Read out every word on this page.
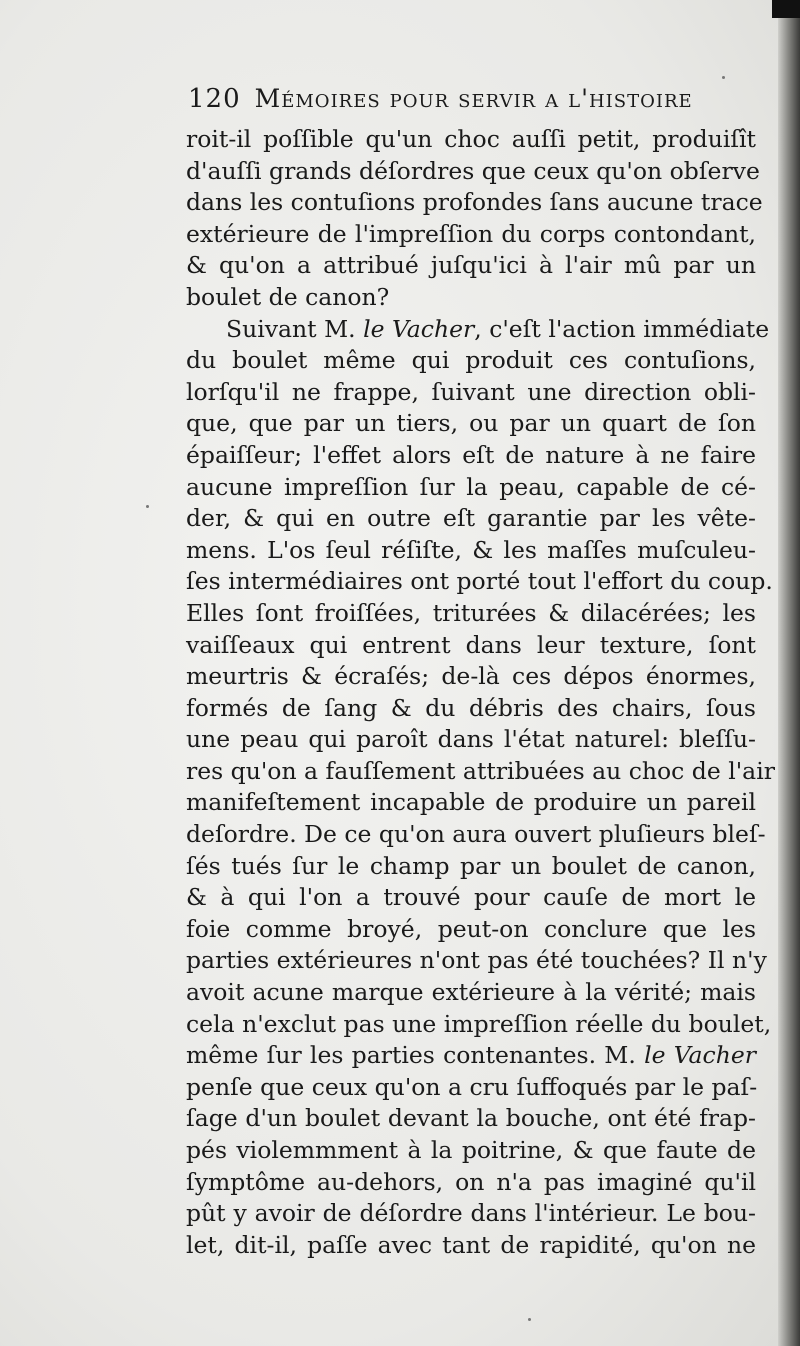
120 Mémoires pour servir a l'histoire
roit-il poſſible qu'un choc auſſi petit, produiſît
d'auſſi grands déſordres que ceux qu'on obſerve
dans les contuſions profondes ſans aucune trace
extérieure de l'impreſſion du corps contondant,
& qu'on a attribué juſqu'ici à l'air mû par un
boulet de canon?
Suivant M. le Vacher, c'eſt l'action immédiate
du boulet même qui produit ces contuſions,
lorſqu'il ne frappe, ſuivant une direction obli-
que, que par un tiers, ou par un quart de ſon
épaiſſeur; l'effet alors eſt de nature à ne faire
aucune impreſſion ſur la peau, capable de cé-
der, & qui en outre eſt garantie par les vête-
mens. L'os ſeul réſiſte, & les maſſes muſculeu-
ſes intermédiaires ont porté tout l'effort du coup.
Elles ſont froiſſées, triturées & dilacérées; les
vaiſſeaux qui entrent dans leur texture, ſont
meurtris & écraſés; de-là ces dépos énormes,
formés de ſang & du débris des chairs, ſous
une peau qui paroît dans l'état naturel: bleſſu-
res qu'on a fauſſement attribuées au choc de l'air
manifeſtement incapable de produire un pareil
deſordre. De ce qu'on aura ouvert pluſieurs bleſ-
ſés tués ſur le champ par un boulet de canon,
& à qui l'on a trouvé pour cauſe de mort le
foie comme broyé, peut-on conclure que les
parties extérieures n'ont pas été touchées? Il n'y
avoit acune marque extérieure à la vérité; mais
cela n'exclut pas une impreſſion réelle du boulet,
même ſur les parties contenantes. M. le Vacher
penſe que ceux qu'on a cru ſuffoqués par le paſ-
ſage d'un boulet devant la bouche, ont été frap-
pés violemmment à la poitrine, & que faute de
ſymptôme au-dehors, on n'a pas imaginé qu'il
pût y avoir de déſordre dans l'intérieur. Le bou-
let, dit-il, paſſe avec tant de rapidité, qu'on ne
